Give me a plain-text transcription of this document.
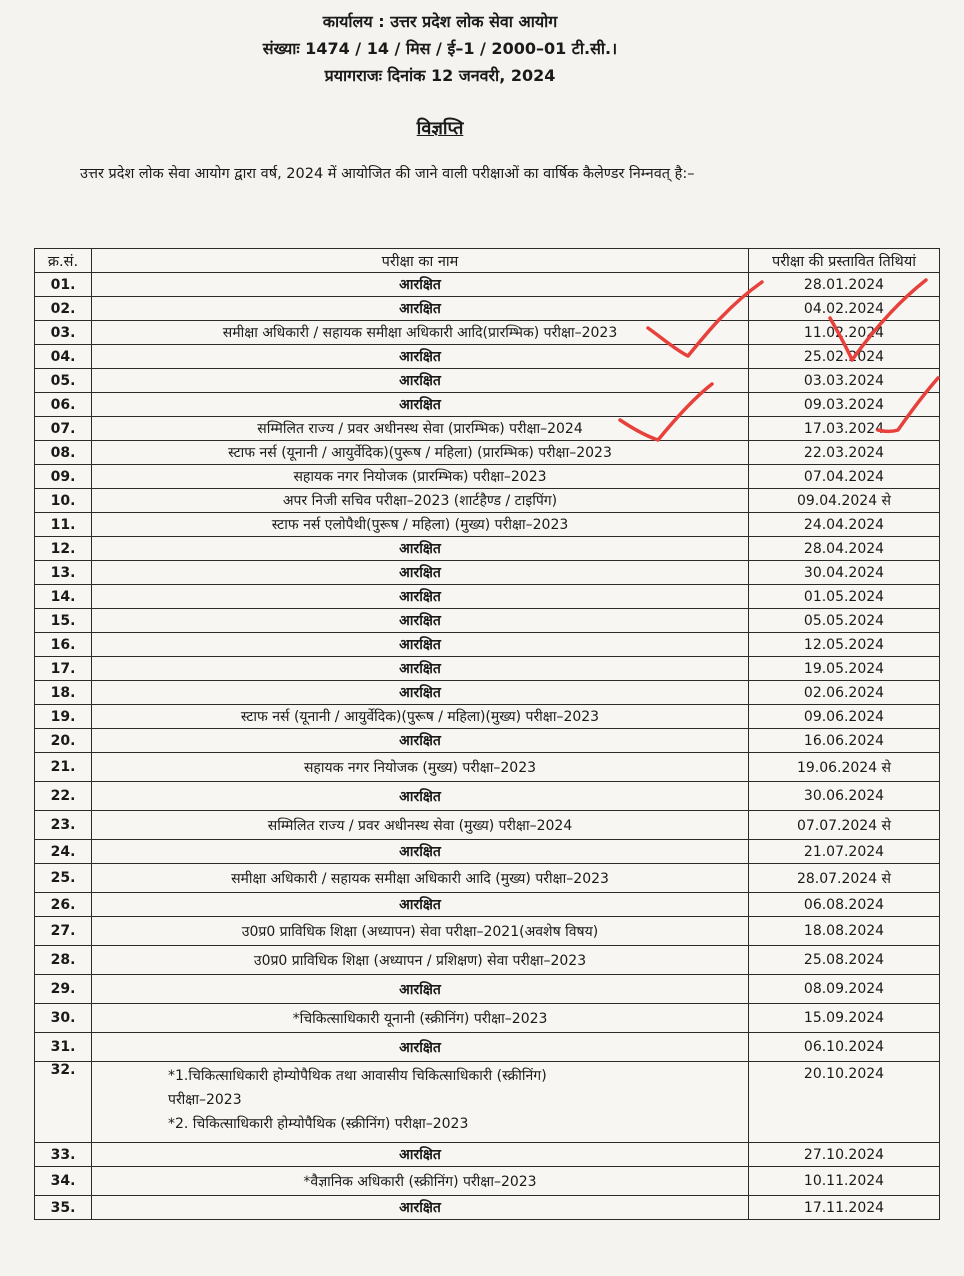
कार्यालय : उत्तर प्रदेश लोक सेवा आयोग
संख्याः 1474 / 14 / मिस / ई–1 / 2000–01 टी.सी.।
प्रयागराजः दिनांक 12 जनवरी, 2024
विज्ञप्ति
उत्तर प्रदेश लोक सेवा आयोग द्वारा वर्ष, 2024 में आयोजित की जाने वाली परीक्षाओं का वार्षिक कैलेण्डर निम्नवत् है:–
क्र.सं.	परीक्षा का नाम	परीक्षा की प्रस्तावित तिथियां
01.	आरक्षित	28.01.2024
02.	आरक्षित	04.02.2024
03.	समीक्षा अधिकारी / सहायक समीक्षा अधिकारी आदि(प्रारम्भिक) परीक्षा–2023	11.02.2024
04.	आरक्षित	25.02.2024
05.	आरक्षित	03.03.2024
06.	आरक्षित	09.03.2024
07.	सम्मिलित राज्य / प्रवर अधीनस्थ सेवा (प्रारम्भिक) परीक्षा–2024	17.03.2024
08.	स्टाफ नर्स (यूनानी / आयुर्वेदिक)(पुरूष / महिला) (प्रारम्भिक) परीक्षा–2023	22.03.2024
09.	सहायक नगर नियोजक (प्रारम्भिक) परीक्षा–2023	07.04.2024
10.	अपर निजी सचिव परीक्षा–2023 (शार्टहैण्ड / टाइपिंग)	09.04.2024 से
11.	स्टाफ नर्स एलोपैथी(पुरूष / महिला) (मुख्य) परीक्षा–2023	24.04.2024
12.	आरक्षित	28.04.2024
13.	आरक्षित	30.04.2024
14.	आरक्षित	01.05.2024
15.	आरक्षित	05.05.2024
16.	आरक्षित	12.05.2024
17.	आरक्षित	19.05.2024
18.	आरक्षित	02.06.2024
19.	स्टाफ नर्स (यूनानी / आयुर्वेदिक)(पुरूष / महिला)(मुख्य) परीक्षा–2023	09.06.2024
20.	आरक्षित	16.06.2024
21.	सहायक नगर नियोजक (मुख्य) परीक्षा–2023	19.06.2024 से
22.	आरक्षित	30.06.2024
23.	सम्मिलित राज्य / प्रवर अधीनस्थ सेवा (मुख्य) परीक्षा–2024	07.07.2024 से
24.	आरक्षित	21.07.2024
25.	समीक्षा अधिकारी / सहायक समीक्षा अधिकारी आदि (मुख्य) परीक्षा–2023	28.07.2024 से
26.	आरक्षित	06.08.2024
27.	उ0प्र0 प्राविधिक शिक्षा (अध्यापन) सेवा परीक्षा–2021(अवशेष विषय)	18.08.2024
28.	उ0प्र0 प्राविधिक शिक्षा (अध्यापन / प्रशिक्षण) सेवा परीक्षा–2023	25.08.2024
29.	आरक्षित	08.09.2024
30.	*चिकित्साधिकारी यूनानी (स्क्रीनिंग) परीक्षा–2023	15.09.2024
31.	आरक्षित	06.10.2024
32.	*1.चिकित्साधिकारी होम्योपैथिक तथा आवासीय चिकित्साधिकारी (स्क्रीनिंग)
परीक्षा–2023
*2. चिकित्साधिकारी होम्योपैथिक (स्क्रीनिंग) परीक्षा–2023	20.10.2024
33.	आरक्षित	27.10.2024
34.	*वैज्ञानिक अधिकारी (स्क्रीनिंग) परीक्षा–2023	10.11.2024
35.	आरक्षित	17.11.2024
